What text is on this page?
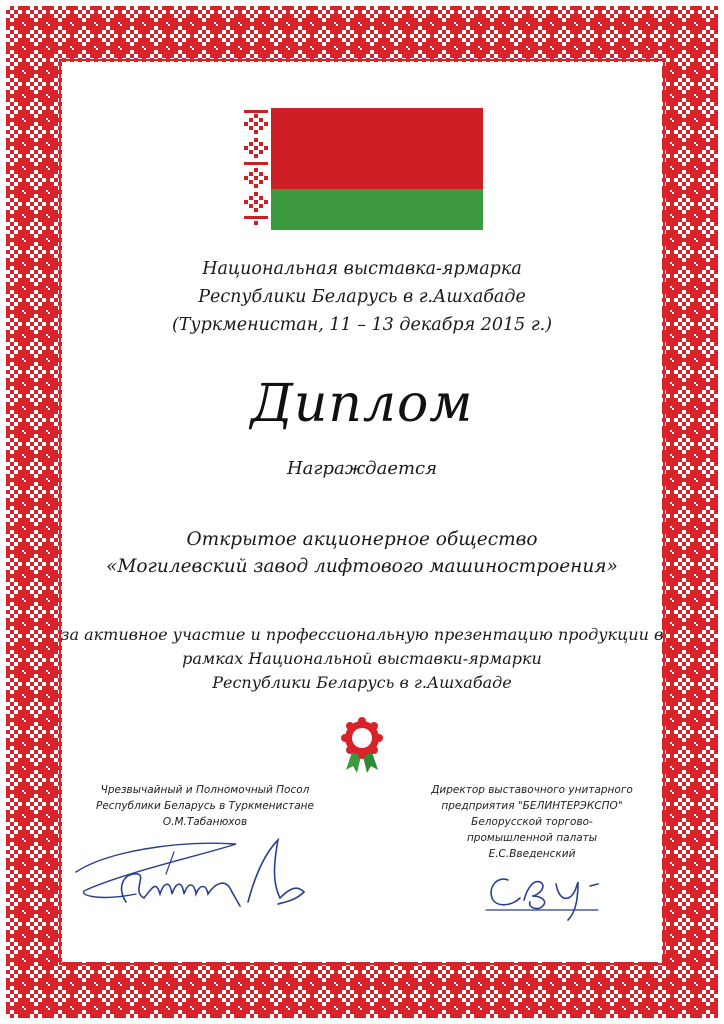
Национальная выставка-ярмарка
Республики Беларусь в г.Ашхабаде
(Туркменистан, 11 – 13 декабря 2015 г.)
Диплом
Награждается
Открытое акционерное общество
«Могилевский завод лифтового машиностроения»
за активное участие и профессиональную презентацию продукции в
рамках Национальной выставки-ярмарки
Республики Беларусь в г.Ашхабаде
Чрезвычайный и Полномочный Посол
Республики Беларусь в Туркменистане
О.М.Табанюхов
Директор выставочного унитарного
предприятия "БЕЛИНТЕРЭКСПО"
Белорусской торгово-
промышленной палаты
Е.С.Введенский
